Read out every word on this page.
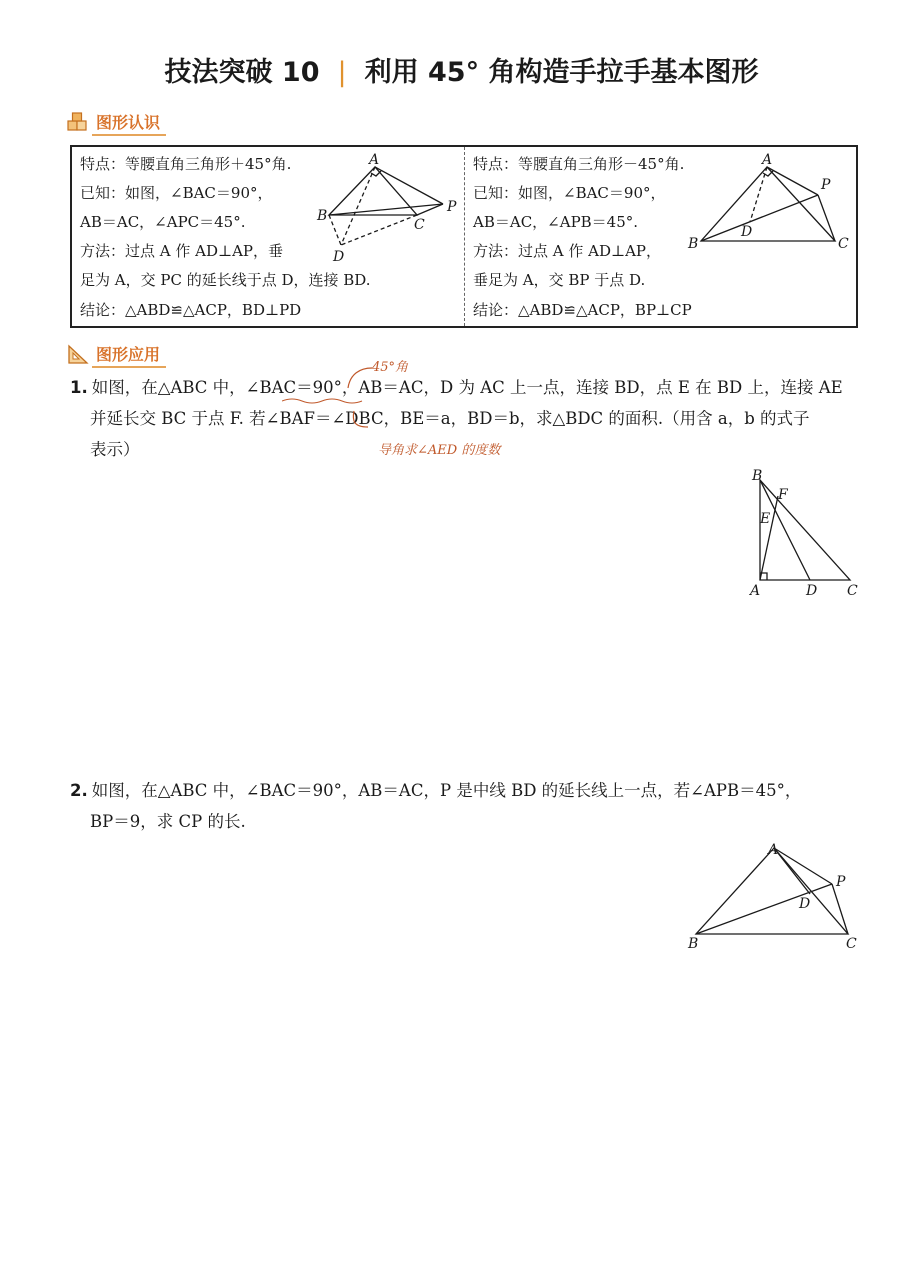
技法突破 10 | 利用 45° 角构造手拉手基本图形
图形认识
特点：等腰直角三角形＋45°角.
已知：如图，∠BAC＝90°，
AB＝AC，∠APC＝45°.
方法：过点 A 作 AD⊥AP，垂
足为 A，交 PC 的延长线于点 D，连接 BD.
结论：△ABD≌△ACP，BD⊥PD
A
B
C
P
D
特点：等腰直角三角形－45°角.
已知：如图，∠BAC＝90°，
AB＝AC，∠APB＝45°.
方法：过点 A 作 AD⊥AP，
垂足为 A，交 BP 于点 D.
结论：△ABD≌△ACP，BP⊥CP
A
B	C
P
D
图形应用
45°角
1. 如图，在△ABC 中，∠BAC＝90°，AB＝AC，D 为 AC 上一点，连接 BD，点 E 在 BD 上，连接 AE
并延长交 BC 于点 F. 若∠BAF＝∠DBC，BE＝a，BD＝b，求△BDC 的面积.（用含 a，b 的式子
表示）	导角求∠AED 的度数
B
F
E
A	D C
2. 如图，在△ABC 中，∠BAC＝90°，AB＝AC，P 是中线 BD 的延长线上一点，若∠APB＝45°，
BP＝9，求 CP 的长.
A
P
D
B	C
